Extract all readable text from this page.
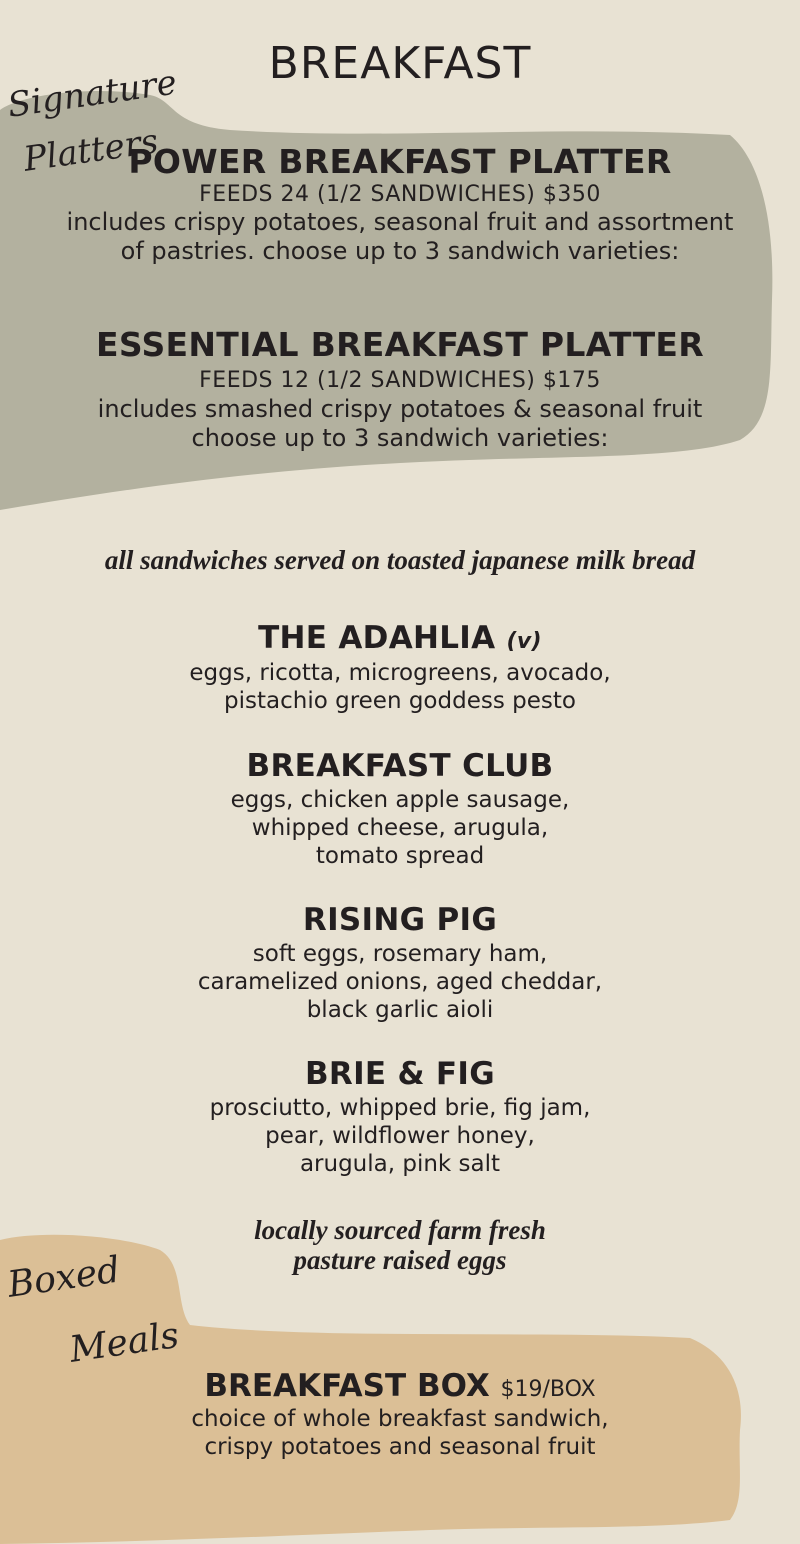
BREAKFAST
Signature
Platters
POWER BREAKFAST PLATTER
FEEDS 24 (1/2 SANDWICHES) $350
includes crispy potatoes, seasonal fruit and assortment
of pastries. choose up to 3 sandwich varieties:
ESSENTIAL BREAKFAST PLATTER
FEEDS 12 (1/2 SANDWICHES) $175
includes smashed crispy potatoes & seasonal fruit
choose up to 3 sandwich varieties:
all sandwiches served on toasted japanese milk bread
THE ADAHLIA (v)
eggs, ricotta, microgreens, avocado,
pistachio green goddess pesto
BREAKFAST CLUB
eggs, chicken apple sausage,
whipped cheese, arugula,
tomato spread
RISING PIG
soft eggs, rosemary ham,
caramelized onions, aged cheddar,
black garlic aioli
BRIE & FIG
prosciutto, whipped brie, fig jam,
pear, wildflower honey,
arugula, pink salt
locally sourced farm fresh
pasture raised eggs
Boxed
Meals
BREAKFAST BOX $19/BOX
choice of whole breakfast sandwich,
crispy potatoes and seasonal fruit
